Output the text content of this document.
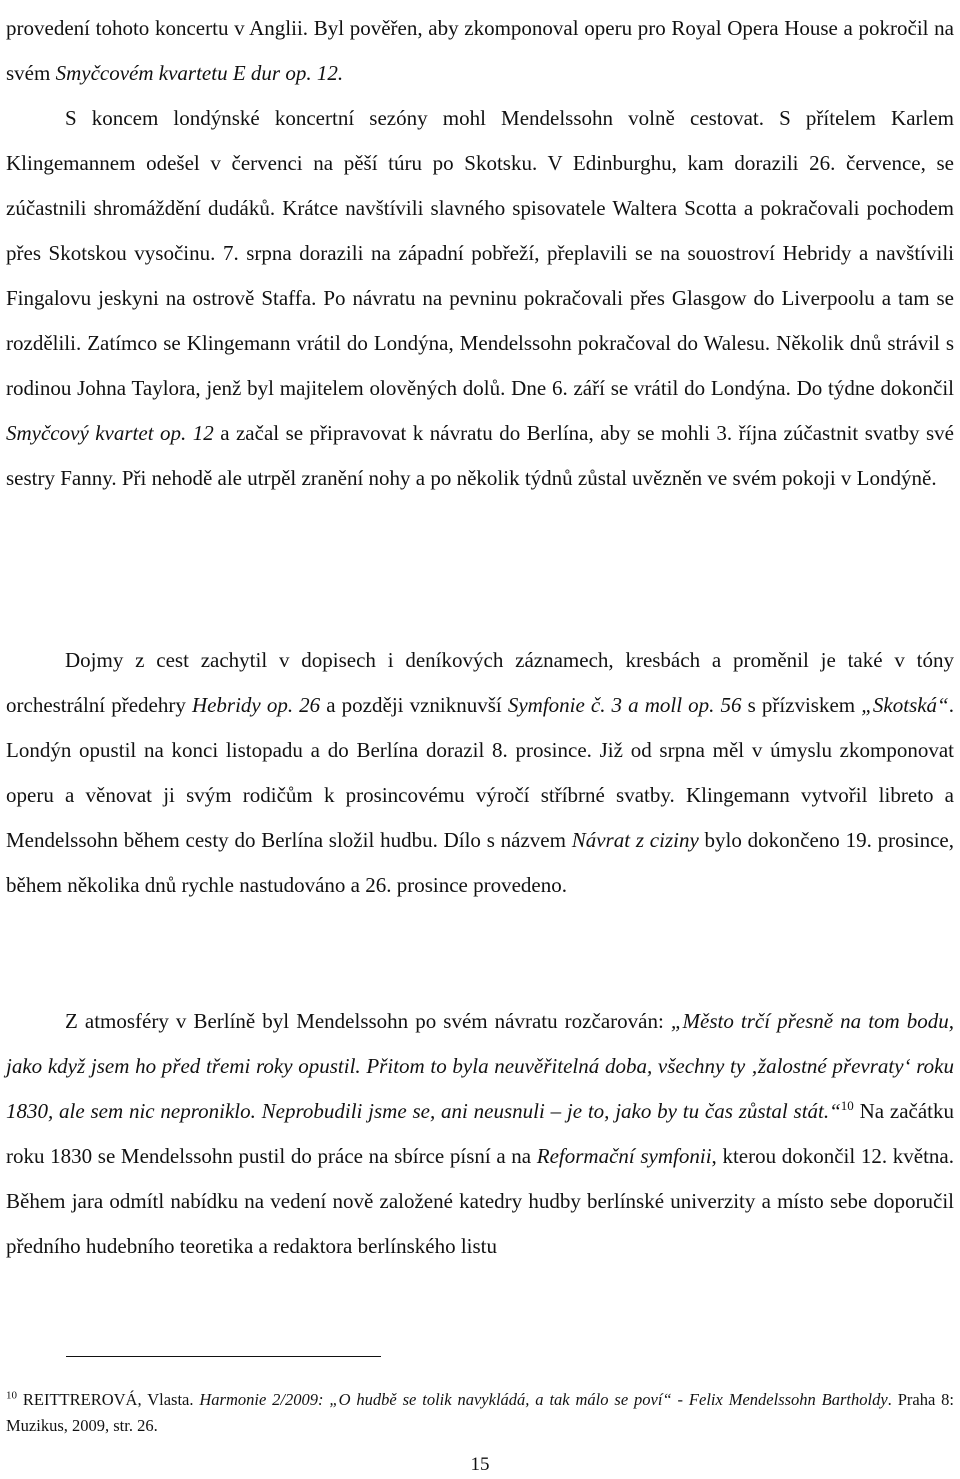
provedení tohoto koncertu v Anglii. Byl pověřen, aby zkomponoval operu pro Royal Opera House a pokročil na svém Smyčcovém kvartetu E dur op. 12.

S koncem londýnské koncertní sezóny mohl Mendelssohn volně cestovat. S přítelem Karlem Klingemannem odešel v červenci na pěší túru po Skotsku. V Edinburghu, kam dorazili 26. července, se zúčastnili shromáždění dudáků. Krátce navštívili slavného spisovatele Waltera Scotta a pokračovali pochodem přes Skotskou vysočinu. 7. srpna dorazili na západní pobřeží, přeplavili se na souostroví Hebridy a navštívili Fingalovu jeskyni na ostrově Staffa. Po návratu na pevninu pokračovali přes Glasgow do Liverpoolu a tam se rozdělili. Zatímco se Klingemann vrátil do Londýna, Mendelssohn pokračoval do Walesu. Několik dnů strávil s rodinou Johna Taylora, jenž byl majitelem olověných dolů. Dne 6. září se vrátil do Londýna. Do týdne dokončil Smyčcový kvartet op. 12 a začal se připravovat k návratu do Berlína, aby se mohli 3. října zúčastnit svatby své sestry Fanny. Při nehodě ale utrpěl zranění nohy a po několik týdnů zůstal uvězněn ve svém pokoji v Londýně.

Dojmy z cest zachytil v dopisech i deníkových záznamech, kresbách a proměnil je také v tóny orchestrální předehry Hebridy op. 26 a později vzniknuvší Symfonie č. 3 a moll op. 56 s přízviskem „Skotská“. Londýn opustil na konci listopadu a do Berlína dorazil 8. prosince. Již od srpna měl v úmyslu zkomponovat operu a věnovat ji svým rodičům k prosincovému výročí stříbrné svatby. Klingemann vytvořil libreto a Mendelssohn během cesty do Berlína složil hudbu. Dílo s názvem Návrat z ciziny bylo dokončeno 19. prosince, během několika dnů rychle nastudováno a 26. prosince provedeno.

Z atmosféry v Berlíně byl Mendelssohn po svém návratu rozčarován: „Město trčí přesně na tom bodu, jako když jsem ho před třemi roky opustil. Přitom to byla neuvěřitelná doba, všechny ty ‚žalostné převraty‘ roku 1830, ale sem nic neproniklo. Neprobudili jsme se, ani neusnuli – je to, jako by tu čas zůstal stát.“$^{10}$ Na začátku roku 1830 se Mendelssohn pustil do práce na sbírce písní a na Reformační symfonii, kterou dokončil 12. května. Během jara odmítl nabídku na vedení nově založené katedry hudby berlínské univerzity a místo sebe doporučil předního hudebního teoretika a redaktora berlínského listu

$^{10}$ REITTREROVÁ, Vlasta. Harmonie 2/2009: „O hudbě se tolik navykládá, a tak málo se poví“ - Felix Mendelssohn Bartholdy. Praha 8: Muzikus, 2009, str. 26.
15
